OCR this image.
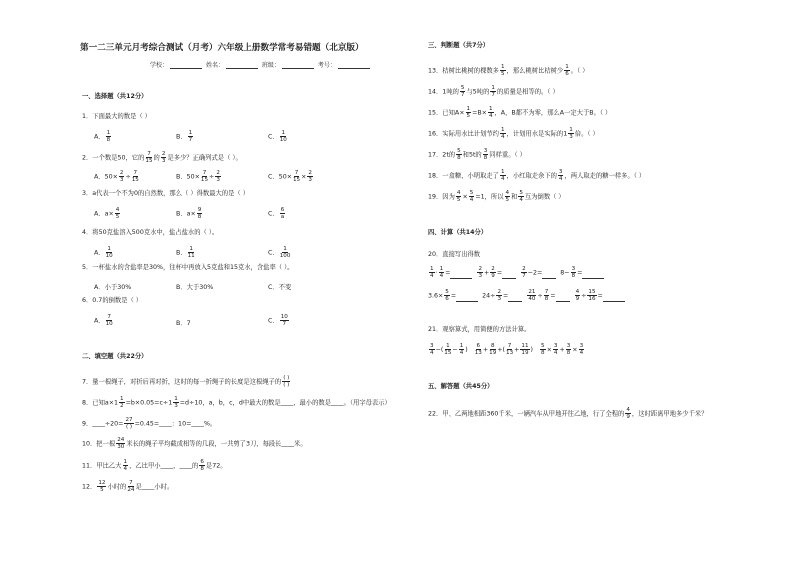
第一二三单元月考综合测试（月考）六年级上册数学常考易错题（北京版）
学校：	姓名：	班级：	考号：
一、选择题（共12分）
1．下面最大的数是（ ）
A． $\frac{1}{8}$	B． $\frac{1}{7}$	C． $\frac{1}{10}$
2．一个数是50，它的 $\frac{7}{15}$ 的 $\frac{2}{3}$ 是多少？正确列式是（ ）。
A．$50\times \frac{2}{3} \div \frac{7}{15}$	B．$50\times \frac{7}{15} \div \frac{2}{3}$	C．$50\times \frac{7}{15} \times \frac{2}{3}$
3．a代表一个不为0的自然数，那么（ ）得数最大的是（ ）
A．$a\times \frac{4}{5}$	B．$a\times \frac{9}{8}$	C． $\frac{6}{a}$
4．将50克盐溶入500克水中，盐占盐水的（ ）。
A． $\frac{1}{10}$	B． $\frac{1}{11}$	C． $\frac{1}{100}$
5．一杯盐水的含盐率是30%，往杯中再放入5克盐和15克水，含盐率（ ）。
A．小于30%	B．大于30%	C．不变
6．0.7的倒数是（ ）
A． $\frac{7}{10}$	B．7	C． $\frac{10}{7}$
二、填空题（共22分）
7．量一根绳子，对折后再对折，这时的每一折绳子的长度是这根绳子的
( )
( )
8．已知$a\times 1 \frac{1}{2} =b\times 0.05=c\div 1 \frac{1}{3} =d\div 10$，a，b，c，d中最大的数是____，最小的数是____。（用字母表示）
9．____÷20=
27
( ) =0.45=____：10=____%。
10．把一根 $\frac{24}{30}$ 米长的绳子平均截成相等的几段，一共剪了3刀，每段长____米。
11．甲比乙大 $\frac{1}{4}$ ，乙比甲小____，____的 $\frac{6}{8}$ 是72。
12． $\frac{12}{5}$ 小时的 $\frac{7}{24}$ 是____小时。
三、判断题（共7分）
13．桔树比桃树的棵数多 $\frac{1}{5}$ ，那么桃树比桔树少 $\frac{1}{6}$ 。（ ）
14．1吨的 $\frac{5}{7}$ 与5吨的 $\frac{1}{7}$ 的质量是相等的。（ ）
15．已知$A\times \frac{1}{5} =B\times \frac{1}{4}$ ，A，B都不为零，那么A一定大于B。（ ）
16．实际用水比计划节约 $\frac{1}{4}$ ，计划用水是实际的$1 \frac{1}{3}$ 倍。（ ）
17．2t的 $\frac{5}{8}$ 和5t的 $\frac{3}{8}$ 同样重。（ ）
18．一盒糖，小明取走了 $\frac{1}{4}$ ，小红取走余下的 $\frac{3}{4}$ ，两人取走的糖一样多。（ ）
19．因为 $\frac{4}{5} \times \frac{5}{4} =1$，所以 $\frac{4}{5}$ 和 $\frac{5}{4}$ 互为倒数（ ）
四、计算（共14分）
20．直接写出得数
$\frac{1}{4} \cdot \frac{1}{4}$ =	$\frac{2}{3} + \frac{2}{9}$ =	$\frac{2}{7} -2=$	$8- \frac{3}{8}$ =
$3.6\times \frac{5}{6}$ =	$24\div \frac{2}{3}$ =	$\frac{21}{40} \div \frac{7}{8}$ =	$\frac{4}{9} \div \frac{15}{16}$ =
21．观察算式，用简便的方法计算。
$\frac{3}{4}$ −( $\frac{1}{15} - \frac{1}{4}$ ) $\frac{6}{13} + \frac{8}{19}$ +( $\frac{7}{13} + \frac{11}{19}$ ) $\frac{5}{8} \times \frac{3}{4} + \frac{3}{8} \times \frac{3}{4}$
五、解答题（共45分）
22．甲、乙两地相距360千米，一辆汽车从甲地开往乙地，行了全程的 $\frac{4}{9}$ ，这时距离甲地多少千米？
